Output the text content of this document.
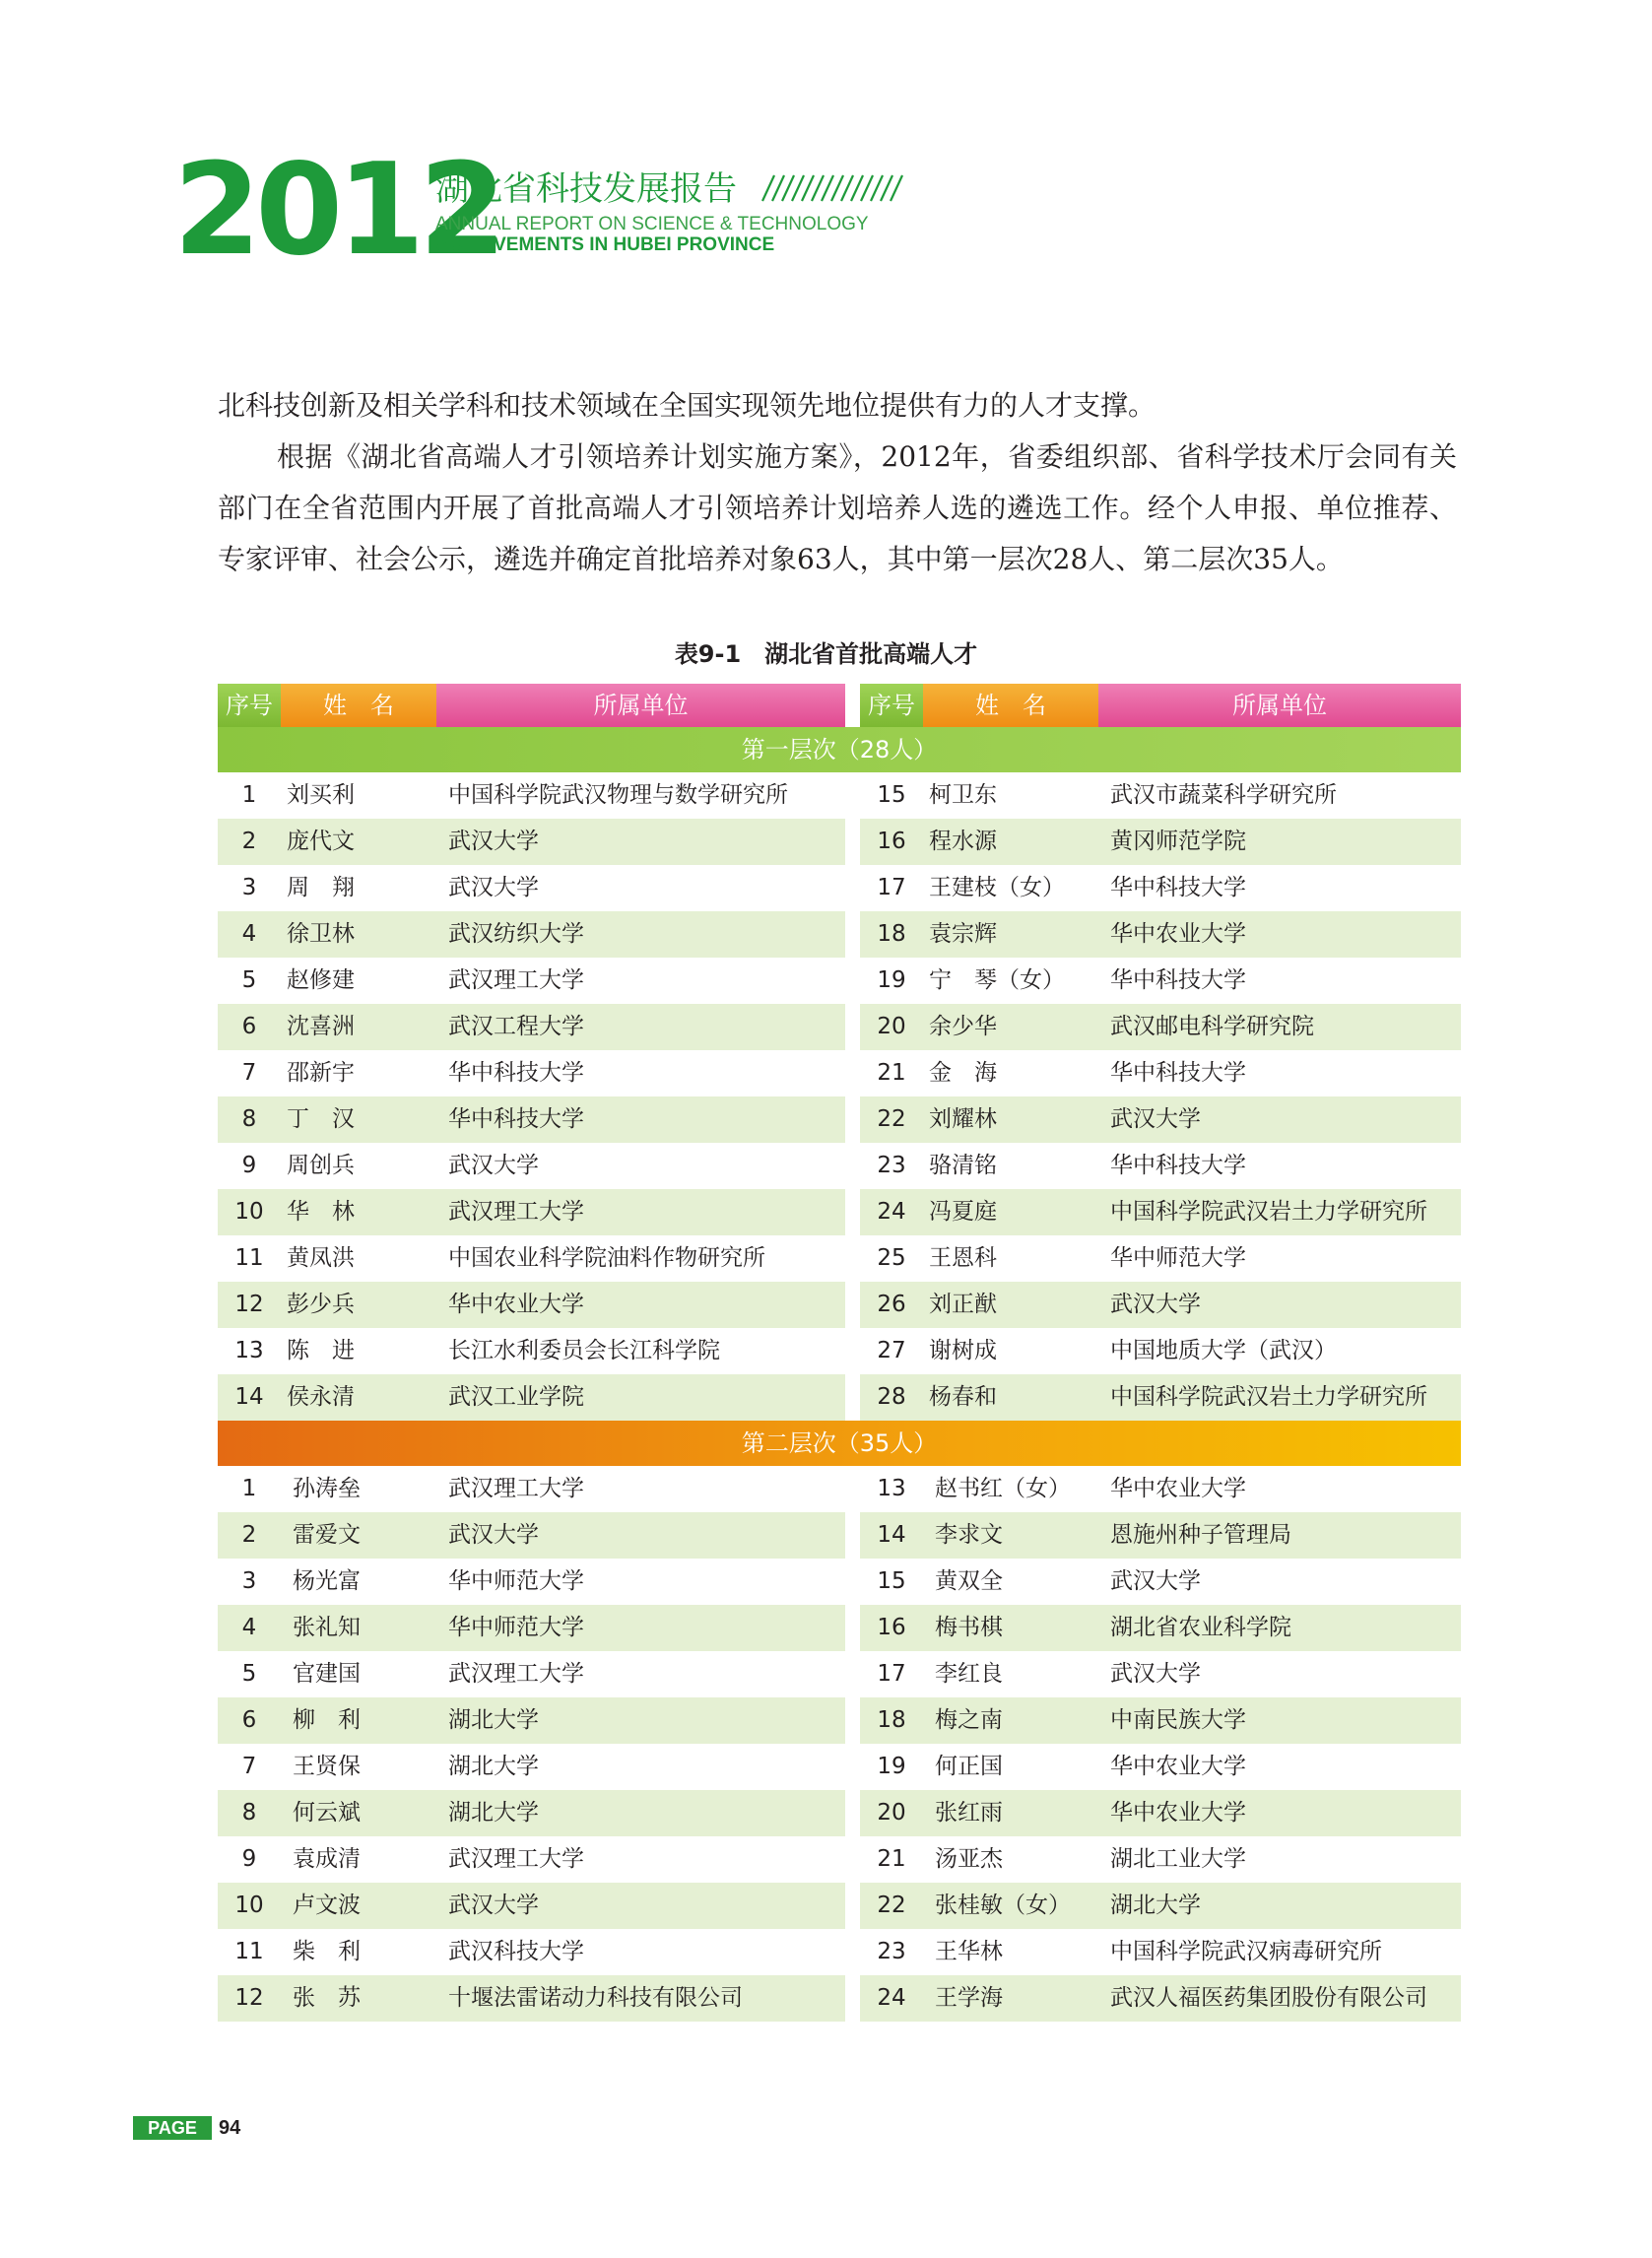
2012
湖北省科技发展报告
ANNUAL REPORT ON SCIENCE & TECHNOLOGY
ACHIEVEMENTS IN HUBEI PROVINCE

北科技创新及相关学科和技术领域在全国实现领先地位提供有力的人才支撑。

根据《湖北省高端人才引领培养计划实施方案》，2012年，省委组织部、省科学技术厅会同有关部门在全省范围内开展了首批高端人才引领培养计划培养人选的遴选工作。经个人申报、单位推荐、专家评审、社会公示，遴选并确定首批培养对象63人，其中第一层次28人、第二层次35人。

表9-1　湖北省首批高端人才
序号	姓　名	所属单位	序号	姓　名	所属单位
第一层次（28人）
1	刘买利	中国科学院武汉物理与数学研究所	15	柯卫东	武汉市蔬菜科学研究所
2	庞代文	武汉大学	16	程水源	黄冈师范学院
3	周　翔	武汉大学	17	王建枝（女） 华中科技大学
4	徐卫林	武汉纺织大学	18	袁宗辉	华中农业大学
5	赵修建	武汉理工大学	19	宁　琴（女） 华中科技大学
6	沈喜洲	武汉工程大学	20	余少华	武汉邮电科学研究院
7	邵新宇	华中科技大学	21	金　海	华中科技大学
8	丁　汉	华中科技大学	22	刘耀林	武汉大学
9	周创兵	武汉大学	23	骆清铭	华中科技大学
10	华　林	武汉理工大学	24	冯夏庭	中国科学院武汉岩土力学研究所
11	黄凤洪	中国农业科学院油料作物研究所	25	王恩科	华中师范大学
12	彭少兵	华中农业大学	26	刘正猷	武汉大学
13	陈　进	长江水利委员会长江科学院	27	谢树成	中国地质大学（武汉）
14	侯永清	武汉工业学院	28	杨春和	中国科学院武汉岩土力学研究所
第二层次（35人）
1	孙涛垒	武汉理工大学	13	赵书红（女） 华中农业大学
2	雷爱文	武汉大学	14	李求文	恩施州种子管理局
3	杨光富	华中师范大学	15	黄双全	武汉大学
4	张礼知	华中师范大学	16	梅书棋	湖北省农业科学院
5	官建国	武汉理工大学	17	李红良	武汉大学
6	柳　利	湖北大学	18	梅之南	中南民族大学
7	王贤保	湖北大学	19	何正国	华中农业大学
8	何云斌	湖北大学	20	张红雨	华中农业大学
9	袁成清	武汉理工大学	21	汤亚杰	湖北工业大学
10	卢文波	武汉大学	22	张桂敏（女） 湖北大学
11	柴　利	武汉科技大学	23	王华林	中国科学院武汉病毒研究所
12	张　苏	十堰法雷诺动力科技有限公司	24	王学海	武汉人福医药集团股份有限公司
PAGE	94
